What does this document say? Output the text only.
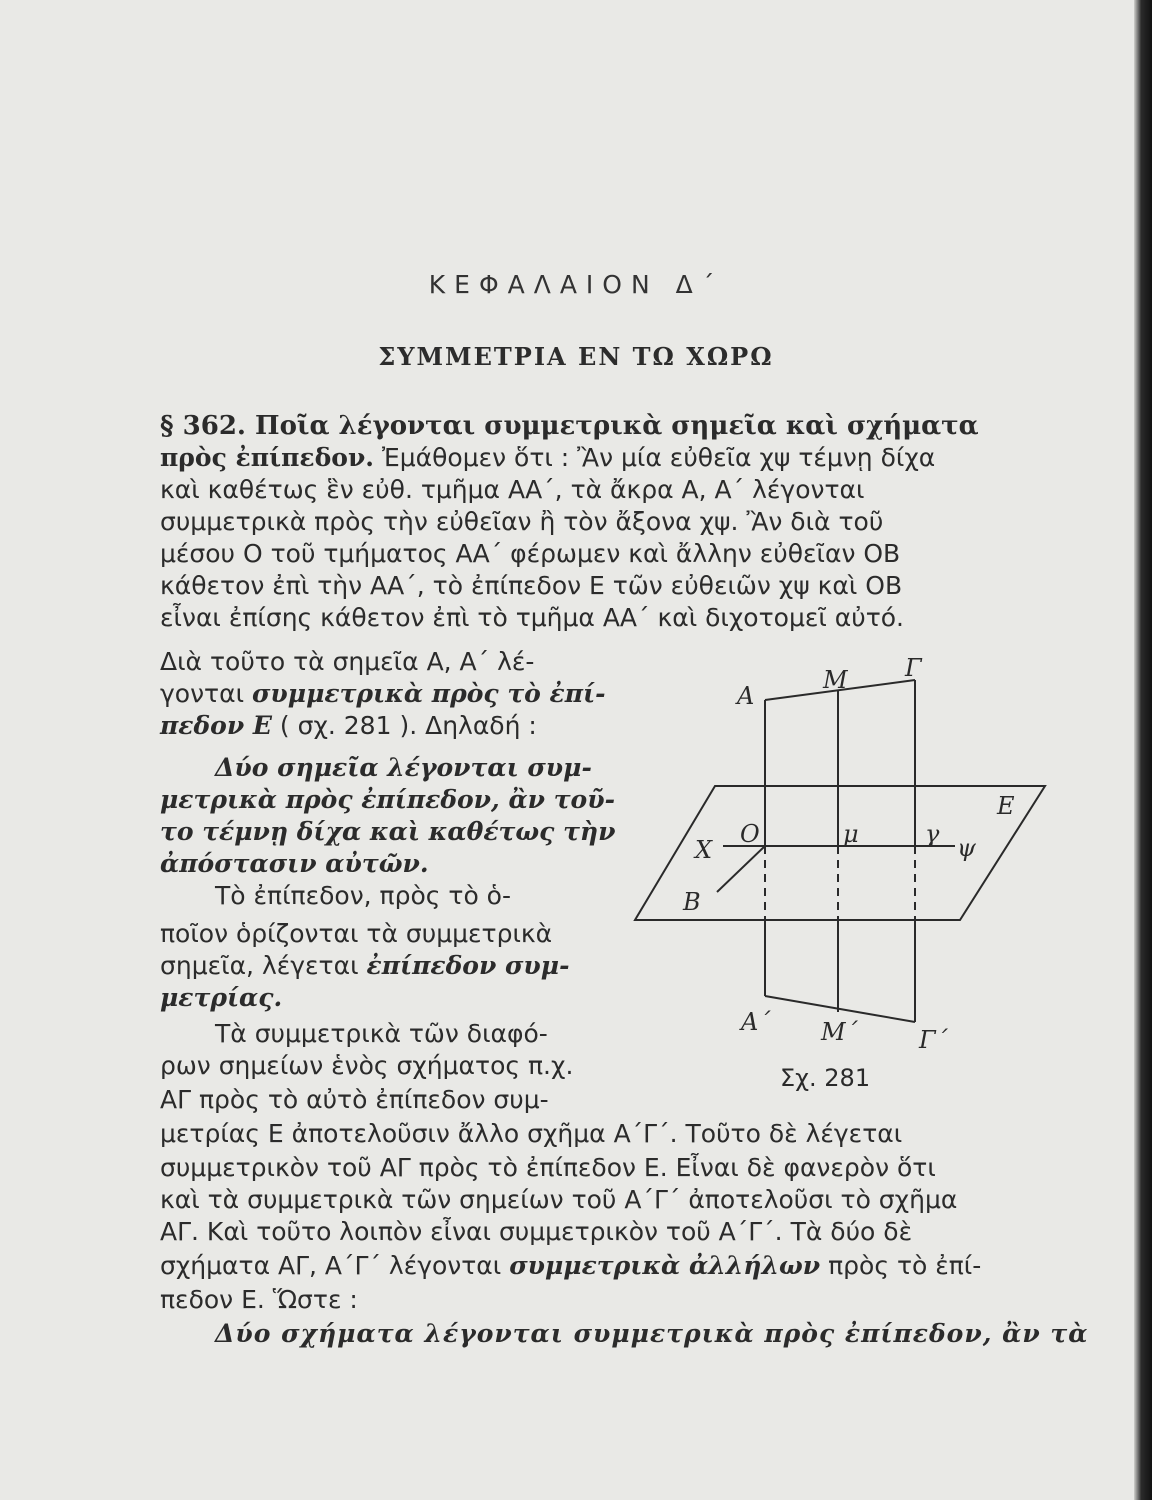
ΚΕΦΑΛΑΙΟΝ Δ΄
ΣΥΜΜΕΤΡΙΑ ΕΝ ΤΩ ΧΩΡΩ
§ 362. Ποῖα λέγονται συμμετρικὰ σημεῖα καὶ σχήματα
πρὸς ἐπίπεδον. Ἐμάθομεν ὅτι : Ἂν μία εὐθεῖα χψ τέμνῃ δίχα
καὶ καθέτως ἓν εὐθ. τμῆμα ΑΑ΄, τὰ ἄκρα Α, Α΄ λέγονται
συμμετρικὰ πρὸς τὴν εὐθεῖαν ἢ τὸν ἄξονα χψ. Ἂν διὰ τοῦ
μέσου Ο τοῦ τμήματος ΑΑ΄ φέρωμεν καὶ ἄλλην εὐθεῖαν ΟΒ
κάθετον ἐπὶ τὴν ΑΑ΄, τὸ ἐπίπεδον Ε τῶν εὐθειῶν χψ καὶ ΟΒ
εἶναι ἐπίσης κάθετον ἐπὶ τὸ τμῆμα ΑΑ΄ καὶ διχοτομεῖ αὐτό.
Διὰ τοῦτο τὰ σημεῖα Α, Α΄ λέ-
γονται συμμετρικὰ πρὸς τὸ ἐπί-
πεδον Ε ( σχ. 281 ). Δηλαδή :
Δύο σημεῖα λέγονται συμ-
μετρικὰ πρὸς ἐπίπεδον, ἂν τοῦ-
το τέμνῃ δίχα καὶ καθέτως τὴν
ἀπόστασιν αὐτῶν.
Τὸ ἐπίπεδον, πρὸς τὸ ὁ-
ποῖον ὁρίζονται τὰ συμμετρικὰ
σημεῖα, λέγεται ἐπίπεδον συμ-
μετρίας.
Τὰ συμμετρικὰ τῶν διαφό-
ρων σημείων ἑνὸς σχήματος π.χ.
ΑΓ πρὸς τὸ αὐτὸ ἐπίπεδον συμ-
μετρίας Ε ἀποτελοῦσιν ἄλλο σχῆμα Α΄Γ΄. Τοῦτο δὲ λέγεται
συμμετρικὸν τοῦ ΑΓ πρὸς τὸ ἐπίπεδον Ε. Εἶναι δὲ φανερὸν ὅτι
καὶ τὰ συμμετρικὰ τῶν σημείων τοῦ Α΄Γ΄ ἀποτελοῦσι τὸ σχῆμα
ΑΓ. Καὶ τοῦτο λοιπὸν εἶναι συμμετρικὸν τοῦ Α΄Γ΄. Τὰ δύο δὲ
σχήματα ΑΓ, Α΄Γ΄ λέγονται συμμετρικὰ ἀλλήλων πρὸς τὸ ἐπί-
πεδον Ε. Ὥστε :
Δύο σχήματα λέγονται συμμετρικὰ πρὸς ἐπίπεδον, ἂν τὰ
Α
Μ Γ
Ε
Χ
Ο	μ	γ ψ
Β
Α΄ Μ΄	Γ΄
Σχ. 281
